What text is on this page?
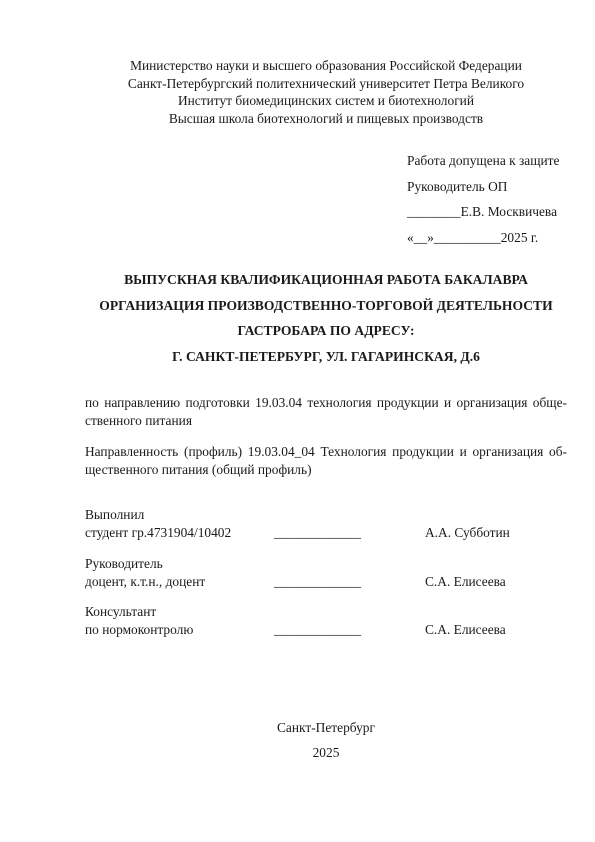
Министерство науки и высшего образования Российской Федерации
Санкт-Петербургский политехнический университет Петра Великого
Институт биомедицинских систем и биотехнологий
Высшая школа биотехнологий и пищевых производств
Работа допущена к защите
Руководитель ОП
________Е.В. Москвичева
«__»__________2025 г.
ВЫПУСКНАЯ КВАЛИФИКАЦИОННАЯ РАБОТА БАКАЛАВРА
ОРГАНИЗАЦИЯ ПРОИЗВОДСТВЕННО-ТОРГОВОЙ ДЕЯТЕЛЬНОСТИ
ГАСТРОБАРА ПО АДРЕСУ:
Г. САНКТ-ПЕТЕРБУРГ, УЛ. ГАГАРИНСКАЯ, Д.6
по направлению подготовки 19.03.04 технология продукции и организация обще-
ственного питания
Направленность (профиль) 19.03.04_04 Технология продукции и организация об-
щественного питания (общий профиль)
Выполнил
студент гр.4731904/10402	_____________	А.А. Субботин
Руководитель
доцент, к.т.н., доцент	_____________	С.А. Елисеева
Консультант
по нормоконтролю	_____________	С.А. Елисеева
Санкт-Петербург
2025
